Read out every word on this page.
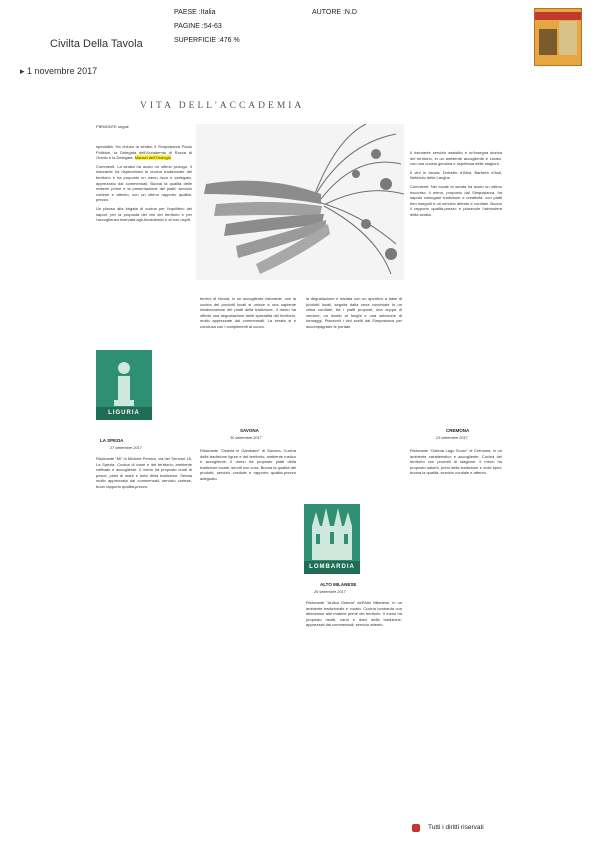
Civilta Della Tavola
▸ 1 novembre 2017
PAESE :Italia
PAGINE :54-63
SUPERFICIE :476 %
AUTORE :N.D
VITA DELL'ACCADEMIA
PIEMONTE segue

specialità. Ha chiuso la serata, il Simposiarca Paolo Pollidori, la Delegata dell'Accademia di Rocca di Orsolo e la Delegata. Mansel dell'Orologio

Commenti. La serata ha avuto un ottimo prologo. Il ristorante ha rispecchiato la cucina tradizionale del territorio e ha proposto un menu ricco e variegato, apprezzato dai commensali. Buona la qualità delle materie prime e la presentazione dei piatti; servizio cortese e attento, con un ottimo rapporto qualità-prezzo.

Un plauso alla brigata di cucina per l'equilibrio dei sapori, per la proposta dei vini del territorio e per l'accoglienza riservata agli Accademici e ai loro ospiti.

terreni di Nicola, in un accogliente ristorante, ove la cucina dei prodotti locali si unisce a una sapiente rielaborazione dei piatti della tradizione. Il menu ha offerto una degustazione delle specialità del territorio, molto apprezzate dai commensali. La serata si è conclusa con i complimenti al cuoco.
la degustazione è iniziata con un aperitivo a base di prodotti locali, seguita dalla cena conviviale in un clima cordiale; tra i piatti proposti, una zuppa di verdure, un risotto ai funghi e una selezione di formaggi. Piacevoli i vini scelti dal Simposiarca per accompagnare le portate.

Il ristorante servizio assistito è un'insegna storica del territorio, in un ambiente accogliente e curato, con una cucina genuina e rispettosa delle stagioni.

Il vini in tavola: Dolcetto d'Alba, Barbera d'Asti, Nebbiolo delle Langhe.

Commenti. Nel locale la serata ha avuto un ottimo riscontro: il menu, proposto dal Simposiarca, ha saputo coniugare tradizione e creatività, con piatti ben eseguiti e un servizio attento e cordiale. Buono il rapporto qualità-prezzo e piacevole l'atmosfera della serata.

LIGURIA
LA SPEZIA
27 settembre 2017
Ristorante "Mi" di Michele Persico, via del Torrione 18, La Spezia. Cucina di mare e del territorio; ambiente raffinato e accogliente. Il menu ha proposto crudi di pesce, primi di mare e dolci della tradizione. Serata molto apprezzata dai commensali; servizio cortese, buon rapporto qualità-prezzo.
SAVONA
30 settembre 2017
Ristorante "Osteria le Gambaire" di Savona. Cucina della tradizione ligure e del territorio; ambiente rustico e accogliente. Il menu ha proposto piatti della tradizione locale, serviti con cura. Buona la qualità dei prodotti, servizio cordiale e rapporto qualità-prezzo adeguato.
LOMBARDIA
ALTO MILANESE
26 settembre 2017
Ristorante "Antica Osteria" dell'Alto Milanese, in un ambiente tradizionale e curato. Cucina lombarda con attenzione alle materie prime del territorio. Il menu ha proposto risotti, carni e dolci della tradizione, apprezzati dai commensali; servizio attento.
CREMONA
23 settembre 2017
Ristorante "Osteria Lago Scuro" di Cremona, in un ambiente caratteristico e accogliente. Cucina del territorio con prodotti di stagione. Il menu ha proposto salumi, primi della tradizione e dolci tipici; buona la qualità, servizio cordiale e attento.
Tutti i diritti riservati
